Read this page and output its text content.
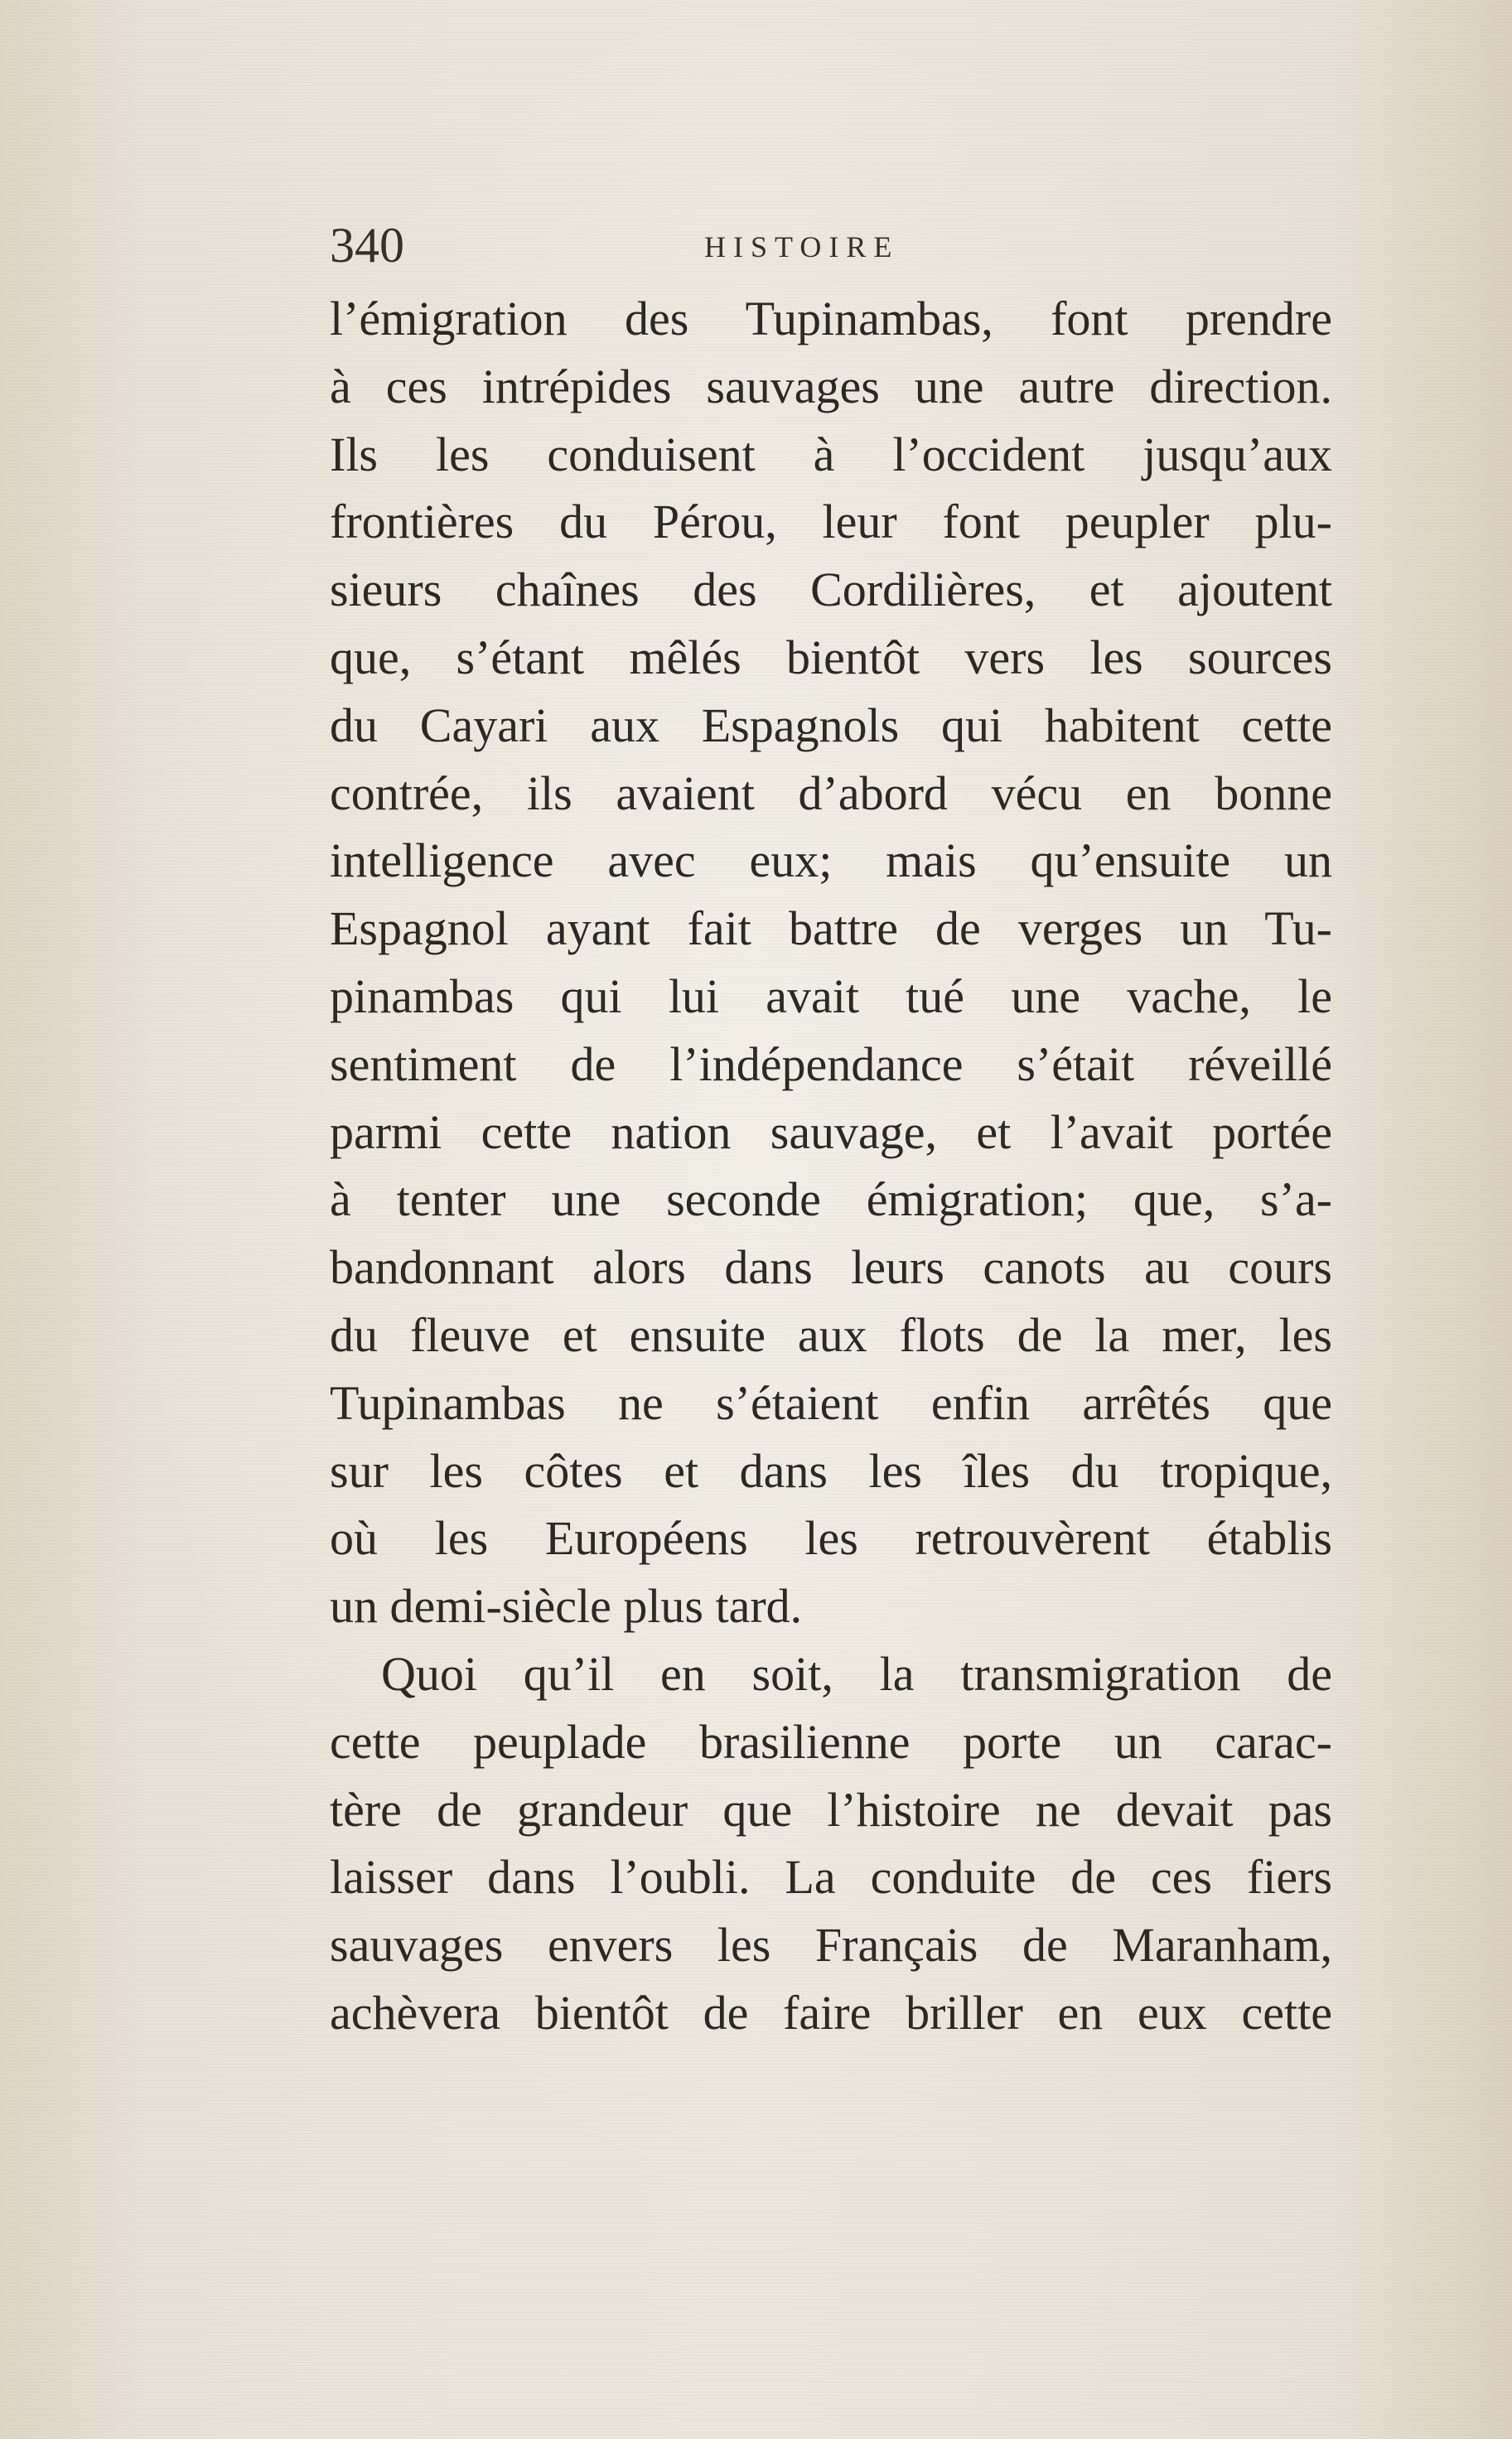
340	HISTOIRE
l’émigration des Tupinambas, font prendre
à ces intrépides sauvages une autre direction.
Ils les conduisent à l’occident jusqu’aux
frontières du Pérou, leur font peupler plu-
sieurs chaînes des Cordilières, et ajoutent
que, s’étant mêlés bientôt vers les sources
du Cayari aux Espagnols qui habitent cette
contrée, ils avaient d’abord vécu en bonne
intelligence avec eux; mais qu’ensuite un
Espagnol ayant fait battre de verges un Tu-
pinambas qui lui avait tué une vache, le
sentiment de l’indépendance s’était réveillé
parmi cette nation sauvage, et l’avait portée
à tenter une seconde émigration; que, s’a-
bandonnant alors dans leurs canots au cours
du fleuve et ensuite aux flots de la mer, les
Tupinambas ne s’étaient enfin arrêtés que
sur les côtes et dans les îles du tropique,
où les Européens les retrouvèrent établis
un demi-siècle plus tard.
Quoi qu’il en soit, la transmigration de
cette peuplade brasilienne porte un carac-
tère de grandeur que l’histoire ne devait pas
laisser dans l’oubli. La conduite de ces fiers
sauvages envers les Français de Maranham,
achèvera bientôt de faire briller en eux cette
